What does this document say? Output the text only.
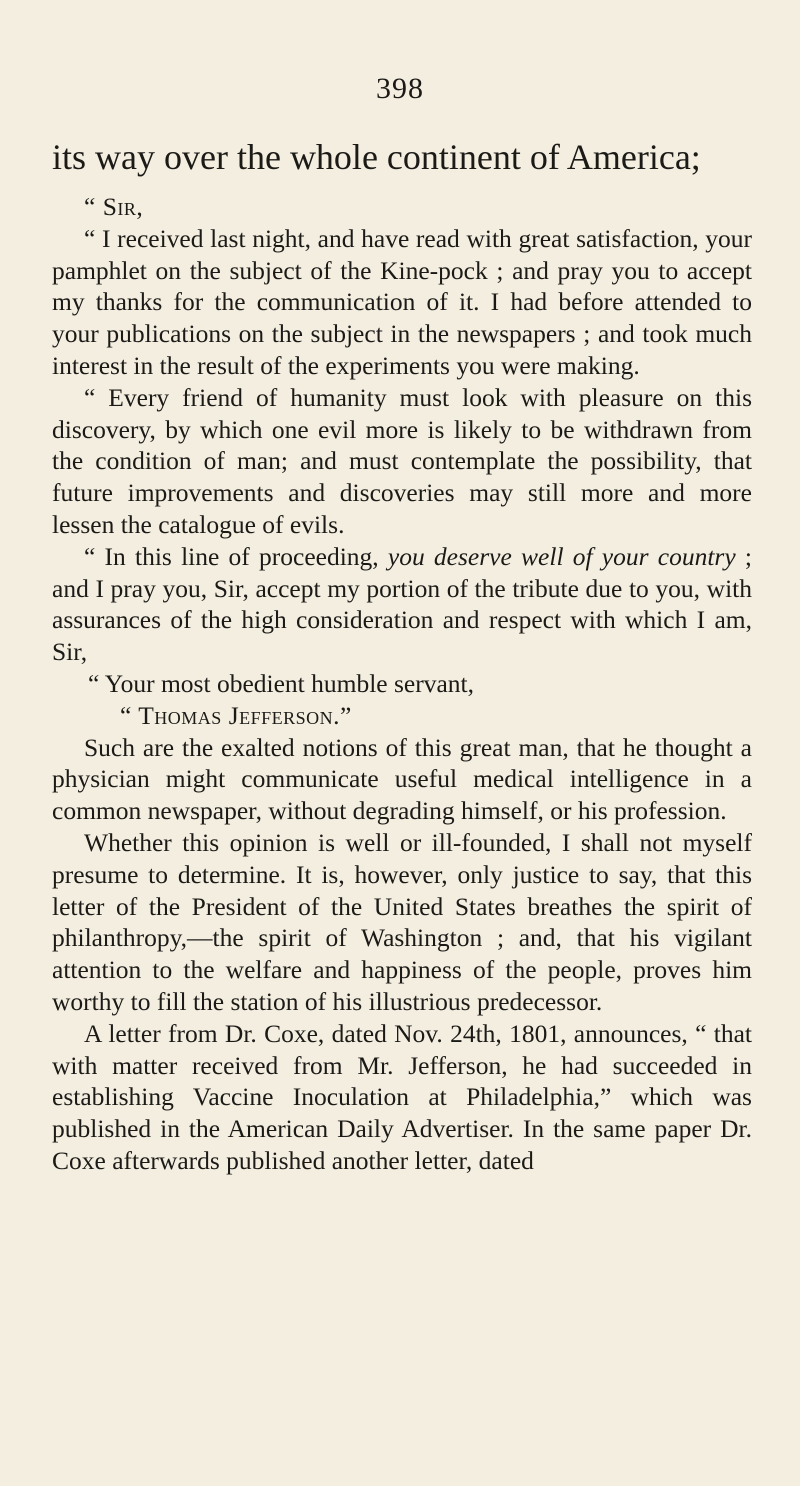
398
its way over the whole continent of America;

“ Sir,

“ I received last night, and have read with great satisfaction, your pamphlet on the subject of the Kine-pock ; and pray you to accept my thanks for the communication of it. I had before attended to your publications on the subject in the newspapers ; and took much interest in the result of the experiments you were making.

“ Every friend of humanity must look with pleasure on this discovery, by which one evil more is likely to be withdrawn from the condition of man; and must contemplate the possibility, that future improvements and discoveries may still more and more lessen the catalogue of evils.

“ In this line of proceeding, you deserve well of your country ; and I pray you, Sir, accept my portion of the tribute due to you, with assurances of the high consideration and respect with which I am, Sir,

“ Your most obedient humble servant,

“ Thomas Jefferson.”

Such are the exalted notions of this great man, that he thought a physician might communicate useful medical intelligence in a common newspaper, without degrading himself, or his profession.

Whether this opinion is well or ill-founded, I shall not myself presume to determine. It is, however, only justice to say, that this letter of the President of the United States breathes the spirit of philanthropy,—the spirit of Washington ; and, that his vigilant attention to the welfare and happiness of the people, proves him worthy to fill the station of his illustrious predecessor.

A letter from Dr. Coxe, dated Nov. 24th, 1801, announces, “ that with matter received from Mr. Jefferson, he had succeeded in establishing Vaccine Inoculation at Philadelphia,” which was published in the American Daily Advertiser. In the same paper Dr. Coxe afterwards published another letter, dated
